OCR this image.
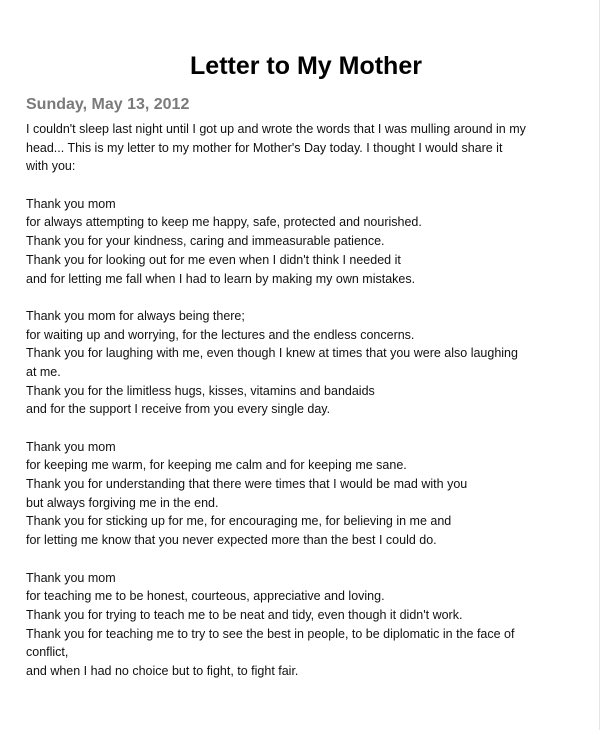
Letter to My Mother
Sunday, May 13, 2012
I couldn't sleep last night until I got up and wrote the words that I was mulling around in my
head... This is my letter to my mother for Mother's Day today. I thought I would share it
with you:
Thank you mom
for always attempting to keep me happy, safe, protected and nourished.
Thank you for your kindness, caring and immeasurable patience.
Thank you for looking out for me even when I didn't think I needed it
and for letting me fall when I had to learn by making my own mistakes.
Thank you mom for always being there;
for waiting up and worrying, for the lectures and the endless concerns.
Thank you for laughing with me, even though I knew at times that you were also laughing
at me.
Thank you for the limitless hugs, kisses, vitamins and bandaids
and for the support I receive from you every single day.
Thank you mom
for keeping me warm, for keeping me calm and for keeping me sane.
Thank you for understanding that there were times that I would be mad with you
but always forgiving me in the end.
Thank you for sticking up for me, for encouraging me, for believing in me and
for letting me know that you never expected more than the best I could do.
Thank you mom
for teaching me to be honest, courteous, appreciative and loving.
Thank you for trying to teach me to be neat and tidy, even though it didn't work.
Thank you for teaching me to try to see the best in people, to be diplomatic in the face of
conflict,
and when I had no choice but to fight, to fight fair.
